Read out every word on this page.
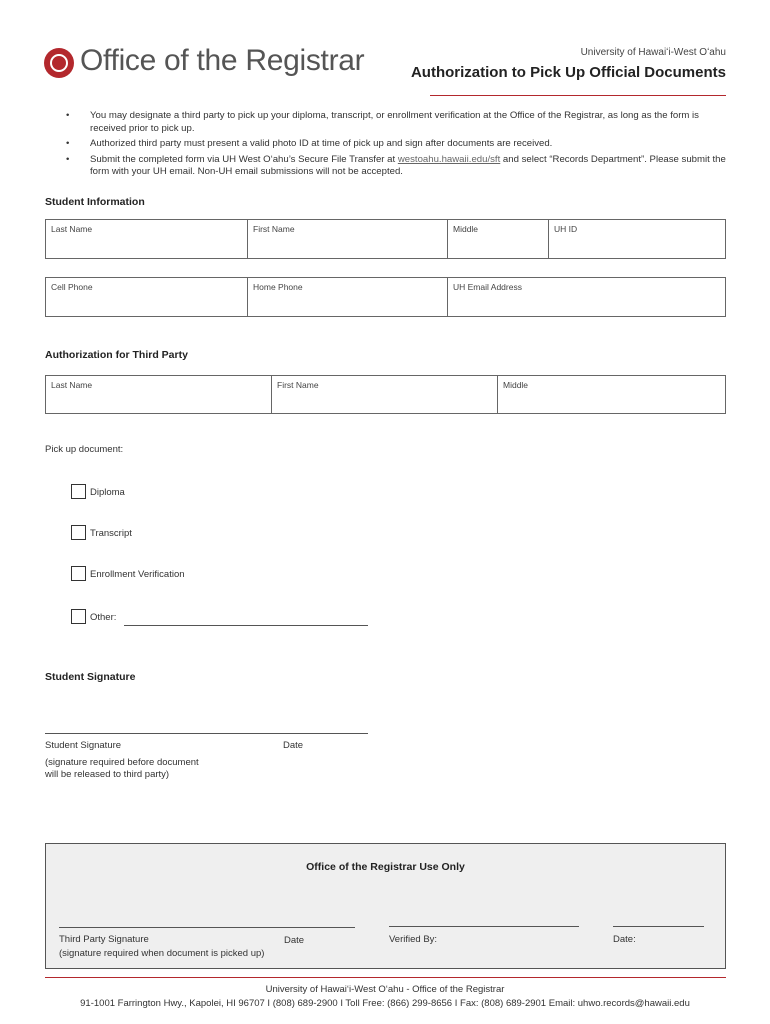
Office of the Registrar	University of Hawaiʻi-West Oʻahu
Authorization to Pick Up Official Documents
• You may designate a third party to pick up your diploma, transcript, or enrollment verification at the Office of the Registrar, as long as the form is received prior to pick up.
• Authorized third party must present a valid photo ID at time of pick up and sign after documents are received.
• Submit the completed form via UH West Oʻahu’s Secure File Transfer at westoahu.hawaii.edu/sft and select “Records Department”. Please submit the form with your UH email. Non-UH email submissions will not be accepted.
Student Information
Last Name	First Name	Middle	UH ID
Cell Phone	Home Phone	UH Email Address
Authorization for Third Party
Last Name	First Name	Middle
Pick up document:
Diploma
Transcript
Enrollment Verification
Other:
Student Signature
Student Signature	Date
(signature required before document
will be released to third party)
Office of the Registrar Use Only
Third Party Signature	Date	Verified By:	Date:
(signature required when document is picked up)
University of Hawaiʻi-West Oʻahu - Office of the Registrar
91-1001 Farrington Hwy., Kapolei, HI 96707 I (808) 689-2900 I Toll Free: (866) 299-8656 I Fax: (808) 689-2901 Email: uhwo.records@hawaii.edu
